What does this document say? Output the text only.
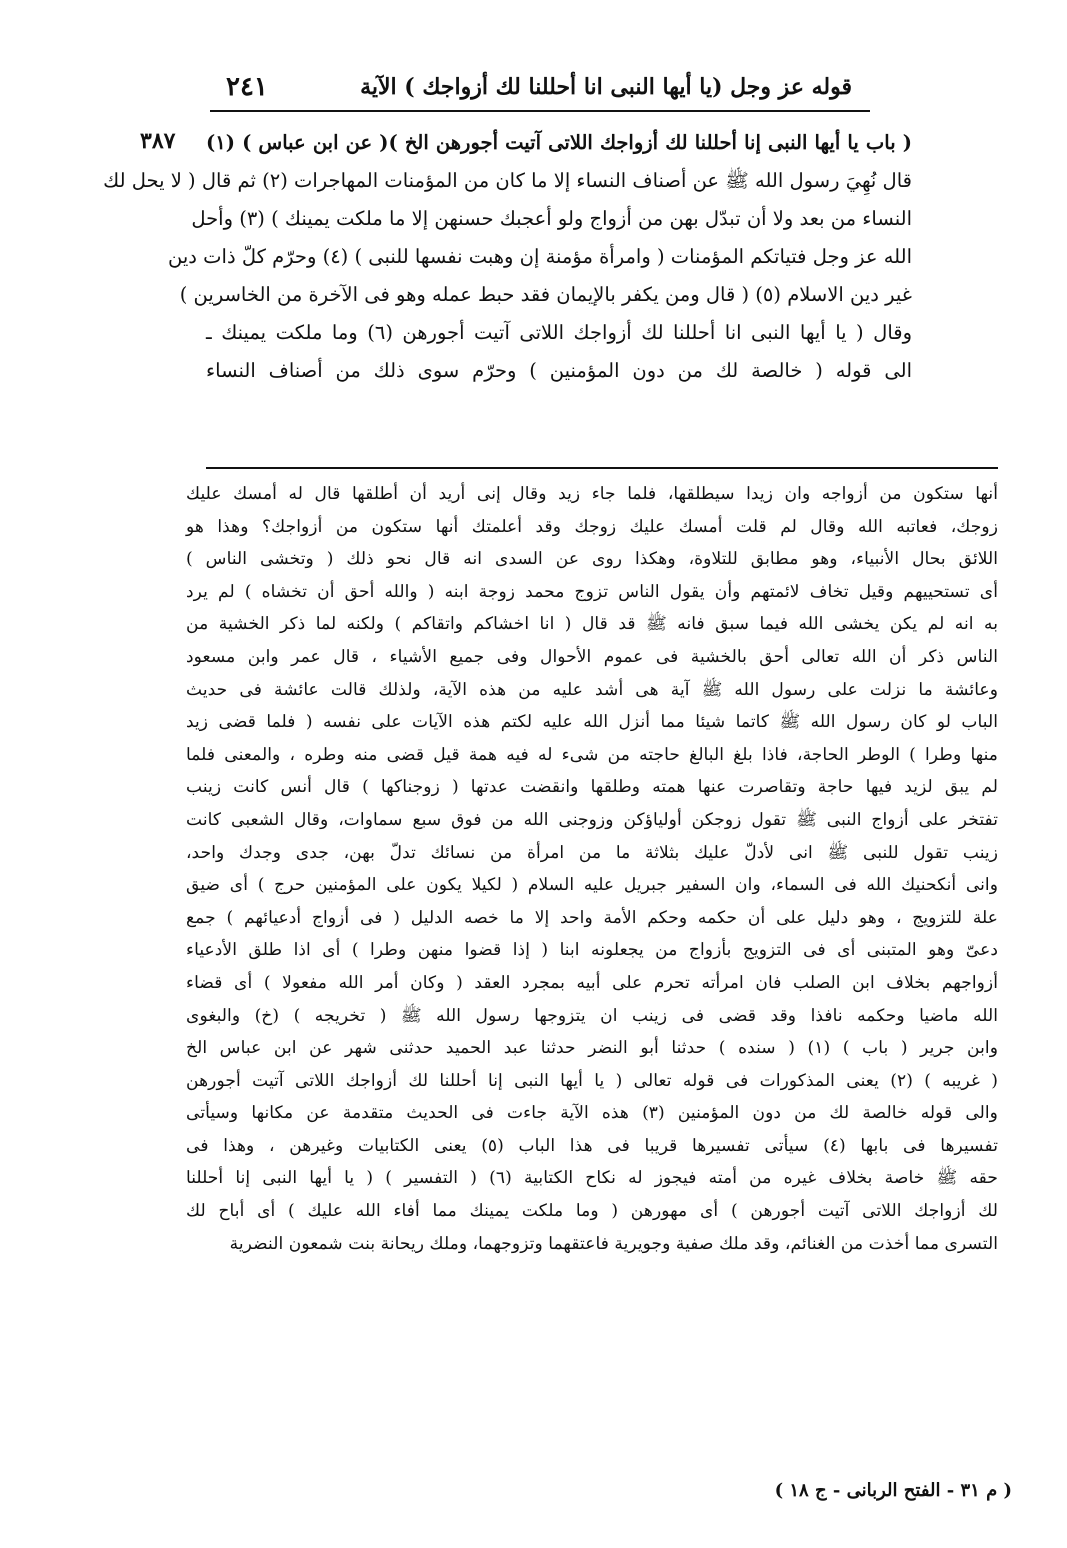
قوله عز وجل (يا أيها النبى انا أحللنا لك أزواجك ) الآية
٢٤١
٣٨٧ ( باب يا أيها النبى إنا أحللنا لك أزواجك اللاتى آتيت أجورهن الخ )( عن ابن عباس ) (١)
قال نُهِيَ رسول الله ﷺ عن أصناف النساء إلا ما كان من المؤمنات المهاجرات (٢) ثم قال ( لا يحل لك
النساء من بعد ولا أن تبدّل بهن من أزواج ولو أعجبك حسنهن إلا ما ملكت يمينك ) (٣) وأحل
الله عز وجل فتياتكم المؤمنات ( وامرأة مؤمنة إن وهبت نفسها للنبى ) (٤) وحرّم كلّ ذات دين
غير دين الاسلام (٥) ( قال ومن يكفر بالإيمان فقد حبط عمله وهو فى الآخرة من الخاسرين )
وقال ( يا أيها النبى انا أحللنا لك أزواجك اللاتى آتيت أجورهن (٦) وما ملكت يمينك ـ
الى قوله ( خالصة لك من دون المؤمنين ) وحرّم سوى ذلك من أصناف النساء
أنها ستكون من أزواجه وان زيدا سيطلقها، فلما جاء زيد وقال إنى أريد أن أطلقها قال له أمسك عليك
زوجك، فعاتبه الله وقال لم قلت أمسك عليك زوجك وقد أعلمتك أنها ستكون من أزواجك؟ وهذا هو
اللائق بحال الأنبياء، وهو مطابق للتلاوة، وهكذا روى عن السدى انه قال نحو ذلك ( وتخشى الناس )
أى تستحييهم وقيل تخاف لائمتهم وأن يقول الناس تزوج محمد زوجة ابنه ( والله أحق أن تخشاه ) لم يرد
به انه لم يكن يخشى الله فيما سبق فانه ﷺ قد قال ( انا اخشاكم واتقاكم ) ولكنه لما ذكر الخشية من
الناس ذكر أن الله تعالى أحق بالخشية فى عموم الأحوال وفى جميع الأشياء ، قال عمر وابن مسعود
وعائشة ما نزلت على رسول الله ﷺ آية هى أشد عليه من هذه الآية، ولذلك قالت عائشة فى حديث
الباب لو كان رسول الله ﷺ كاتما شيئا مما أنزل الله عليه لكتم هذه الآيات على نفسه ( فلما قضى زيد
منها وطرا ) الوطر الحاجة، فاذا بلغ البالغ حاجته من شىء له فيه همة قيل قضى منه وطره ، والمعنى فلما
لم يبق لزيد فيها حاجة وتقاصرت عنها همته وطلقها وانقضت عدتها ( زوجناكها ) قال أنس كانت زينب
تفتخر على أزواج النبى ﷺ تقول زوجكن أولياؤكن وزوجنى الله من فوق سبع سماوات، وقال الشعبى كانت
زينب تقول للنبى ﷺ انى لأدلّ عليك بثلاثة ما من امرأة من نسائك تدلّ بهن، جدى وجدك واحد،
وانى أنكحنيك الله فى السماء، وان السفير جبريل عليه السلام ( لكيلا يكون على المؤمنين حرج ) أى ضيق
علة للتزويج ، وهو دليل على أن حكمه وحكم الأمة واحد إلا ما خصه الدليل ( فى أزواج أدعيائهم ) جمع
دعىّ وهو المتبنى أى فى التزويج بأزواج من يجعلونه ابنا ( إذا قضوا منهن وطرا ) أى اذا طلق الأدعياء
أزواجهم بخلاف ابن الصلب فان امرأته تحرم على أبيه بمجرد العقد ( وكان أمر الله مفعولا ) أى قضاء
الله ماضيا وحكمه نافذا وقد قضى فى زينب ان يتزوجها رسول الله ﷺ ( تخريجه ) (خ) والبغوى
وابن جرير ( باب ) (١) ( سنده ) حدثنا أبو النضر حدثنا عبد الحميد حدثنى شهر عن ابن عباس الخ
( غريبه ) (٢) يعنى المذكورات فى قوله تعالى ( يا أيها النبى إنا أحللنا لك أزواجك اللاتى آتيت أجورهن
والى قوله خالصة لك من دون المؤمنين (٣) هذه الآية جاءت فى الحديث متقدمة عن مكانها وسيأتى
تفسيرها فى بابها (٤) سيأتى تفسيرها قريبا فى هذا الباب (٥) يعنى الكتابيات وغيرهن ، وهذا فى
حقه ﷺ خاصة بخلاف غيره من أمته فيجوز له نكاح الكتابية (٦) ( التفسير ) ( يا أيها النبى إنا أحللنا
لك أزواجك اللاتى آتيت أجورهن ) أى مهورهن ( وما ملكت يمينك مما أفاء الله عليك ) أى أباح لك
التسرى مما أخذت من الغنائم، وقد ملك صفية وجويرية فاعتقهما وتزوجهما، وملك ريحانة بنت شمعون النضرية
( م ٣١ - الفتح الربانى - ج ١٨ )
